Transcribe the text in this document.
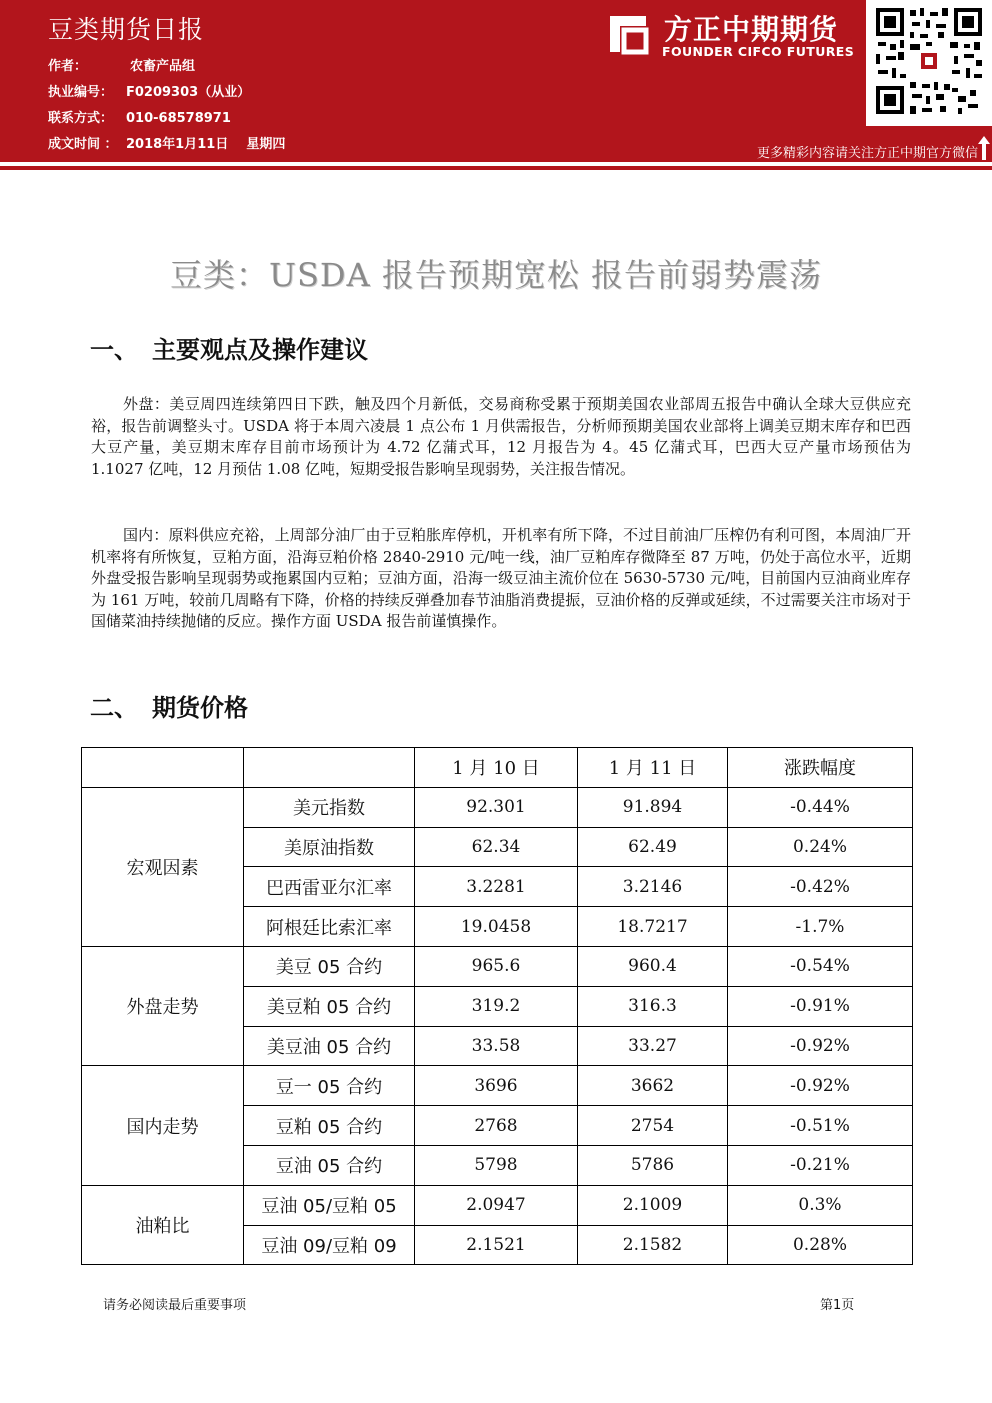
豆类期货日报
作者：	农畜产品组
执业编号： F0209303（从业）
联系方式： 010-68578971
成文时间 ： 2018年1月11日 星期四
方正中期期货
FOUNDER CIFCO FUTURES
更多精彩内容请关注方正中期官方微信
豆类：USDA 报告预期宽松 报告前弱势震荡
一、 主要观点及操作建议
外盘：美豆周四连续第四日下跌，触及四个月新低，交易商称受累于预期美国农业部周五报告中确认全球大豆供应充裕，报告前调整头寸。USDA 将于本周六凌晨 1 点公布 1 月供需报告，分析师预期美国农业部将上调美豆期末库存和巴西大豆产量，美豆期末库存目前市场预计为 4.72 亿蒲式耳，12 月报告为 4。45 亿蒲式耳，巴西大豆产量市场预估为 1.1027 亿吨，12 月预估 1.08 亿吨，短期受报告影响呈现弱势，关注报告情况。
国内：原料供应充裕，上周部分油厂由于豆粕胀库停机，开机率有所下降，不过目前油厂压榨仍有利可图，本周油厂开机率将有所恢复，豆粕方面，沿海豆粕价格 2840-2910 元/吨一线，油厂豆粕库存微降至 87 万吨，仍处于高位水平，近期外盘受报告影响呈现弱势或拖累国内豆粕；豆油方面，沿海一级豆油主流价位在 5630-5730 元/吨，目前国内豆油商业库存为 161 万吨，较前几周略有下降，价格的持续反弹叠加春节油脂消费提振，豆油价格的反弹或延续，不过需要关注市场对于国储菜油持续抛储的反应。操作方面 USDA 报告前谨慎操作。
二、 期货价格
		1 月 10 日	1 月 11 日	涨跌幅度
宏观因素	美元指数	92.301	91.894	-0.44%
	美原油指数	62.34	62.49	0.24%
	巴西雷亚尔汇率	3.2281	3.2146	-0.42%
	阿根廷比索汇率	19.0458	18.7217	-1.7%
外盘走势	美豆 05 合约	965.6	960.4	-0.54%
	美豆粕 05 合约	319.2	316.3	-0.91%
	美豆油 05 合约	33.58	33.27	-0.92%
国内走势	豆一 05 合约	3696	3662	-0.92%
	豆粕 05 合约	2768	2754	-0.51%
	豆油 05 合约	5798	5786	-0.21%
油粕比	豆油 05/豆粕 05	2.0947	2.1009	0.3%
	豆油 09/豆粕 09	2.1521	2.1582	0.28%
请务必阅读最后重要事项	第1页
